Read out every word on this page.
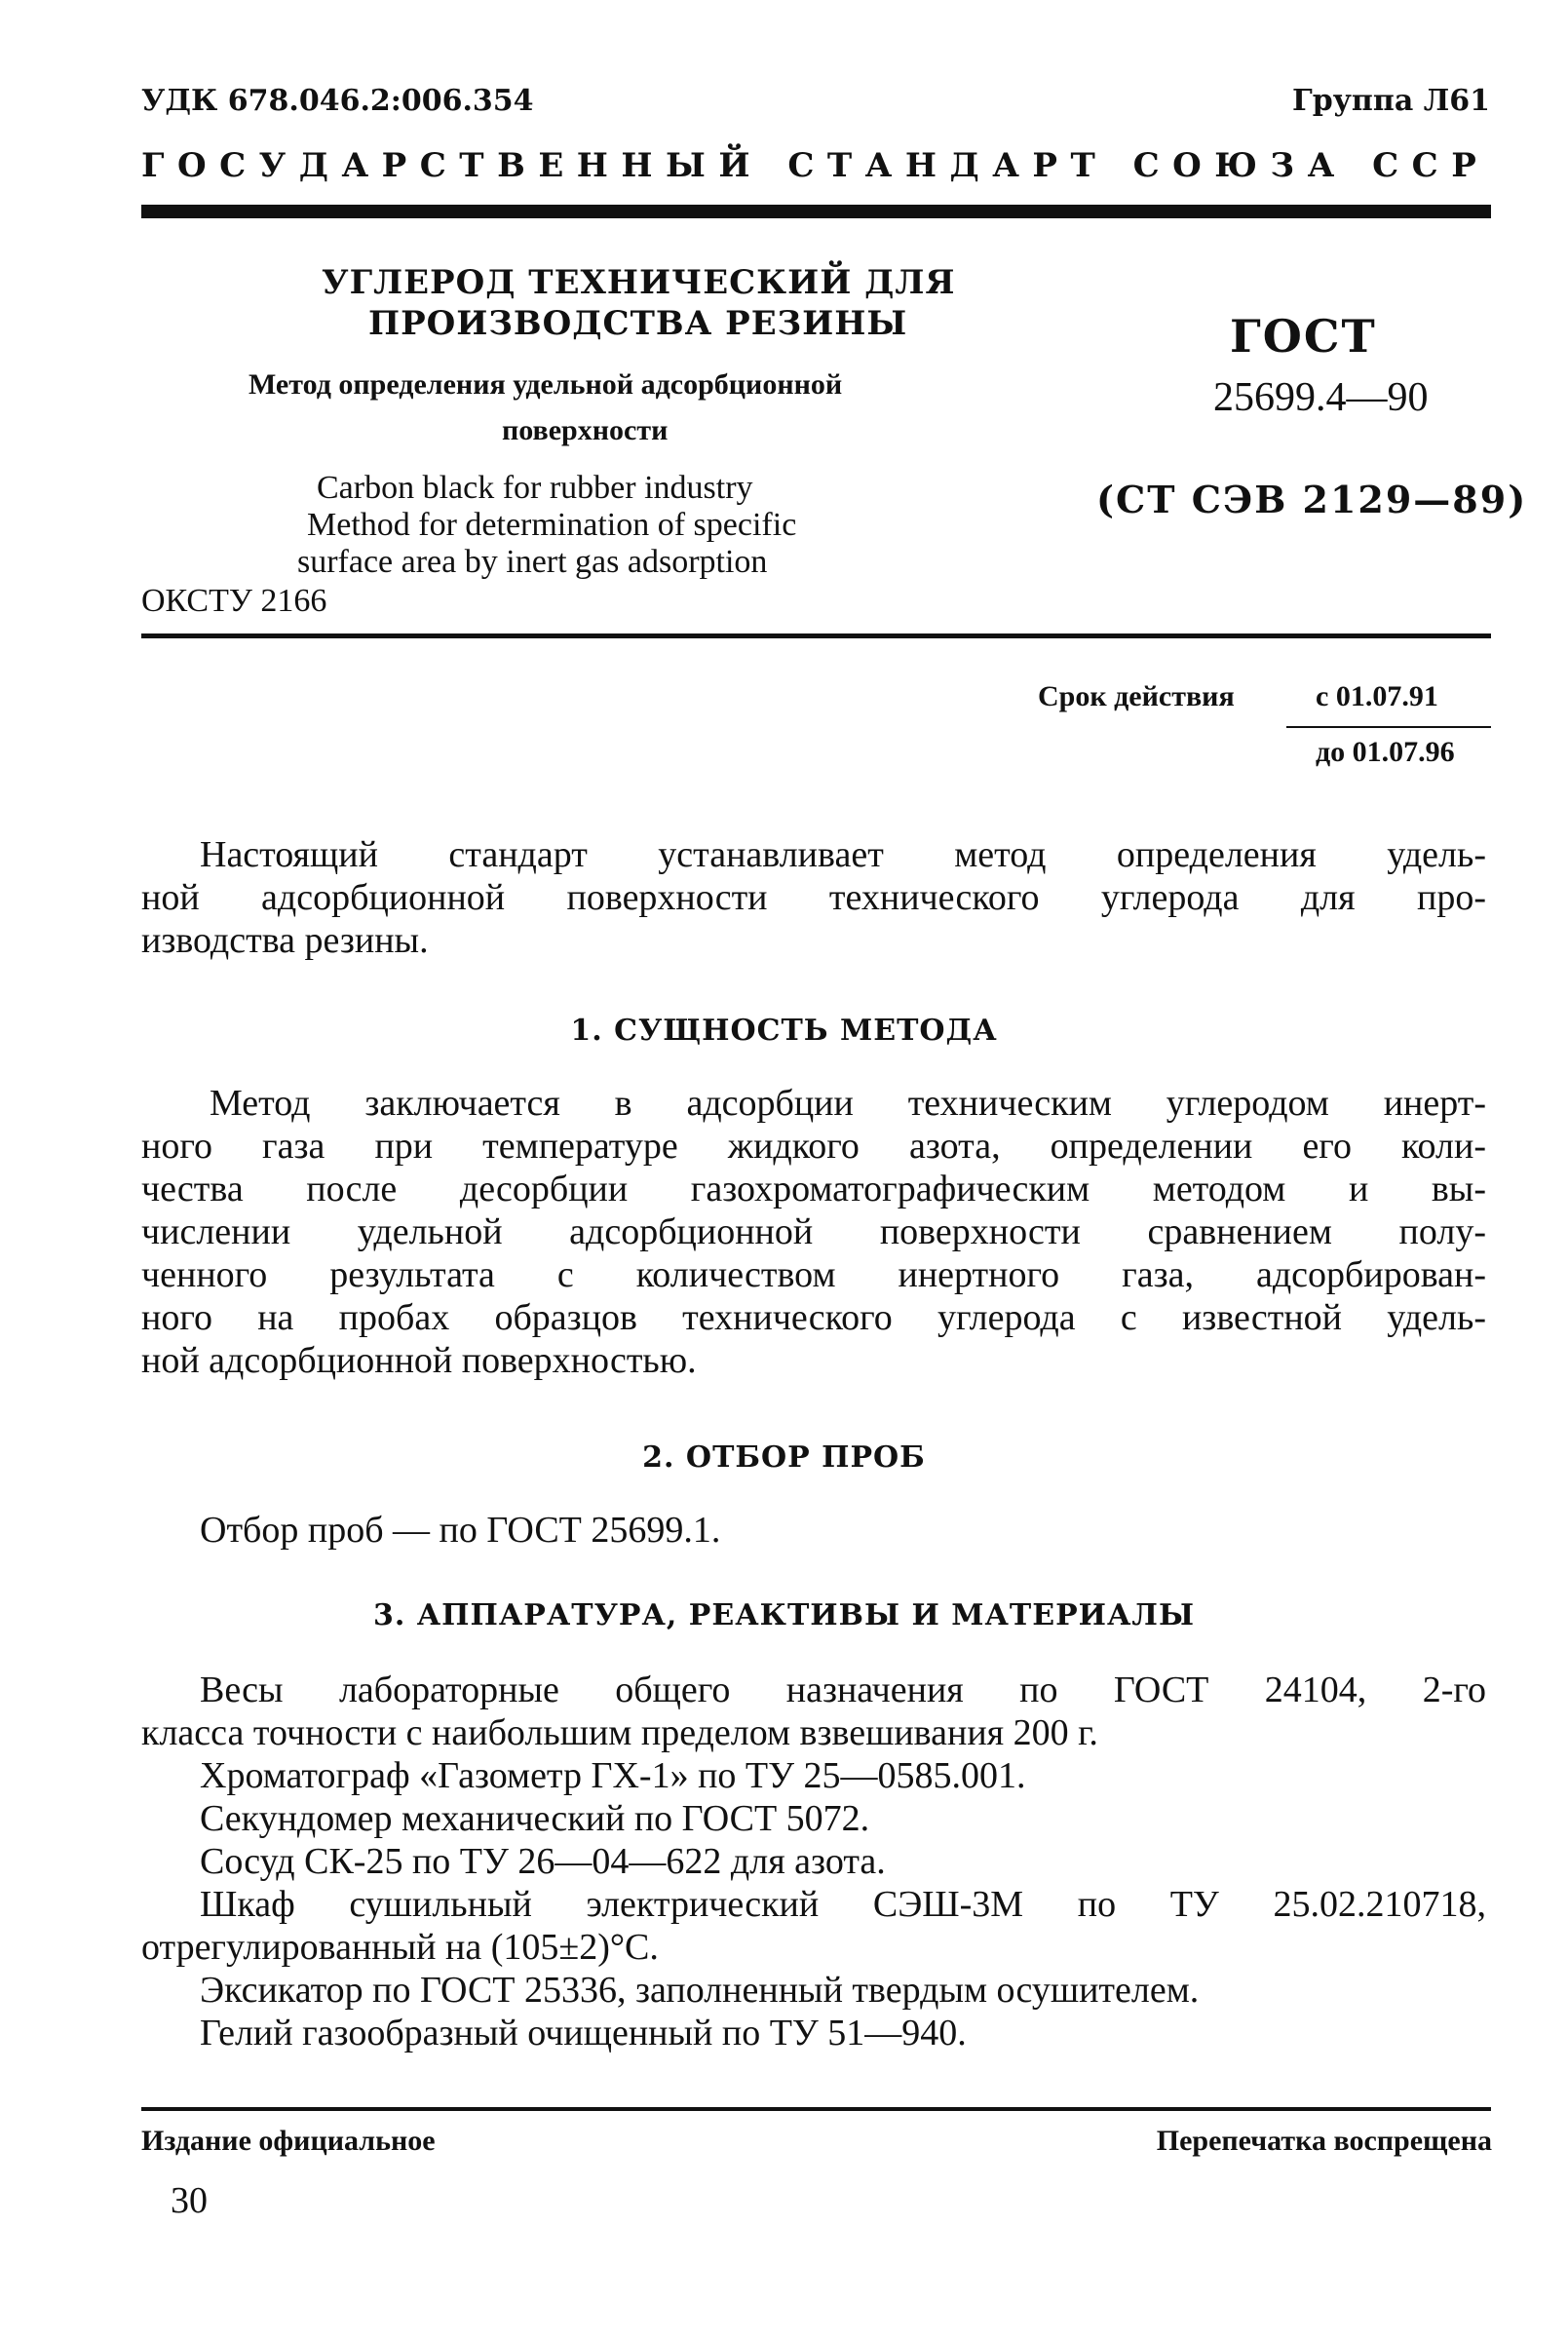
УДК 678.046.2:006.354	Группа Л61
ГОСУДАРСТВЕННЫЙ СТАНДАРТ СОЮЗА ССР
УГЛЕРОД ТЕХНИЧЕСКИЙ ДЛЯ
ПРОИЗВОДСТВА РЕЗИНЫ
Метод определения удельной адсорбционной
поверхности
Carbon black for rubber industry
Method for determination of specific
surface area by inert gas adsorption
ОКСТУ 2166
ГОСТ
25699.4—90
(СТ СЭВ 2129—89)
Срок действия	с 01.07.91
до 01.07.96
Настоящий стандарт устанавливает метод определения удель-
ной адсорбционной поверхности технического углерода для про-
изводства резины.
1. СУЩНОСТЬ МЕТОДА
Метод заключается в адсорбции техническим углеродом инерт-
ного газа при температуре жидкого азота, определении его коли-
чества после десорбции газохроматографическим методом и вы-
числении удельной адсорбционной поверхности сравнением полу-
ченного результата с количеством инертного газа, адсорбирован-
ного на пробах образцов технического углерода с известной удель-
ной адсорбционной поверхностью.
2. ОТБОР ПРОБ
Отбор проб — по ГОСТ 25699.1.
3. АППАРАТУРА, РЕАКТИВЫ И МАТЕРИАЛЫ
Весы лабораторные общего назначения по ГОСТ 24104, 2-го
класса точности с наибольшим пределом взвешивания 200 г.
Хроматограф «Газометр ГХ-1» по ТУ 25—0585.001.
Секундомер механический по ГОСТ 5072.
Сосуд СК-25 по ТУ 26—04—622 для азота.
Шкаф сушильный электрический СЭШ-3М по ТУ 25.02.210718,
отрегулированный на (105±2)°С.
Эксикатор по ГОСТ 25336, заполненный твердым осушителем.
Гелий газообразный очищенный по ТУ 51—940.
Издание официальное	Перепечатка воспрещена
30
